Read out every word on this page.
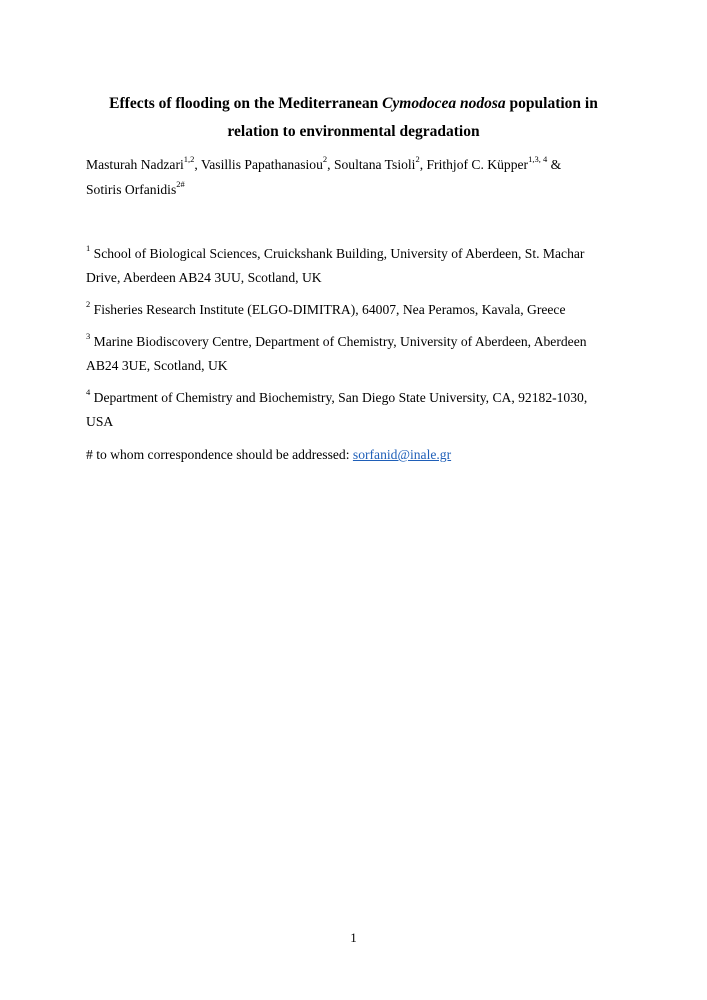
Effects of flooding on the Mediterranean Cymodocea nodosa population in
relation to environmental degradation
Masturah Nadzari$^{1,2}$, Vasillis Papathanasiou$^2$, Soultana Tsioli$^2$, Frithjof C. Küpper$^{1,3, 4}$ &
Sotiris Orfanidis$^{2\#}$
$^1$ School of Biological Sciences, Cruickshank Building, University of Aberdeen, St. Machar
Drive, Aberdeen AB24 3UU, Scotland, UK
$^2$ Fisheries Research Institute (ELGO-DIMITRA), 64007, Nea Peramos, Kavala, Greece
$^3$ Marine Biodiscovery Centre, Department of Chemistry, University of Aberdeen, Aberdeen
AB24 3UE, Scotland, UK
$^4$ Department of Chemistry and Biochemistry, San Diego State University, CA, 92182-1030,
USA
# to whom correspondence should be addressed: sorfanid@inale.gr
1
